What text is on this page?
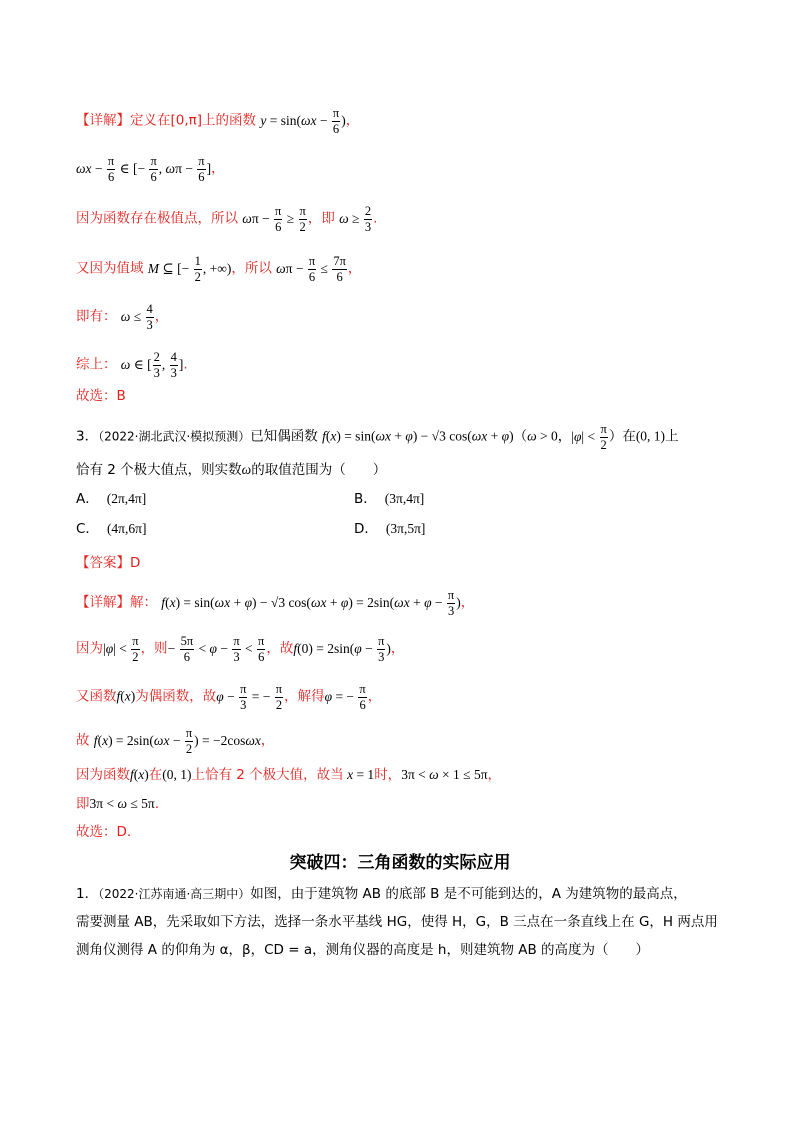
【详解】定义在[0,π]上的函数 $y = \sin(\omega x - \frac{\pi}{6}$ )，
$\omega x - \frac{\pi}{6}$ ∈ [− $\frac{\pi}{6}$ , $\omega\pi - \frac{\pi}{6}$ ]，
因为函数存在极值点，所以 $\omega\pi - \frac{\pi}{6} \ge \frac{\pi}{2}$ ，即 $\omega \ge \frac{2}{3}$ .
又因为值域 M ⊆ [− $\frac{1}{2}$ , +∞)，所以 $\omega\pi - \frac{\pi}{6} \le \frac{7\pi}{6}$ ，
即有： $\omega \le \frac{4}{3}$ ，
综上： ω ∈ [ $\frac{2}{3}$ , $\frac{4}{3}$ ].
故选：B
3．（2022·湖北武汉·模拟预测）已知偶函数 f(x) = sin(ωx + φ) − √3 cos(ωx + φ)（ω > 0，$|\varphi| < \frac{\pi}{2}$ ）在(0, 1)上
恰有 2 个极大值点，则实数ω的取值范围为（　　）
A． (2π,4π]	B． (3π,4π]
C． (4π,6π]	D． (3π,5π]
【答案】D
【详解】解： f(x) = sin(ωx + φ) − √3 $\cos(\omega x + \varphi) = 2\sin(\omega x + \varphi - \frac{\pi}{3}$ )，
因为$|\varphi| < \frac{\pi}{2}$ ，则− $\frac{5\pi}{6} < \varphi - \frac{\pi}{3} < \frac{\pi}{6}$ ，故$f(0) = 2\sin(\varphi - \frac{\pi}{3}$ )，
又函数f(x)为偶函数，故$\varphi - \frac{\pi}{3}$ = − $\frac{\pi}{2}$ ，解得φ = − $\frac{\pi}{6}$ ，
故 $f(x) = 2\sin(\omega x - \frac{\pi}{2}$ ) = −2cosωx，
因为函数f(x)在(0, 1)上恰有 2 个极大值，故当 x = 1时，3π < ω × 1 ≤ 5π，
即3π < ω ≤ 5π.
故选：D.
突破四：三角函数的实际应用
1．（2022·江苏南通·高三期中）如图，由于建筑物 AB 的底部 B 是不可能到达的，A 为建筑物的最高点，
需要测量 AB，先采取如下方法，选择一条水平基线 HG，使得 H，G，B 三点在一条直线上在 G，H 两点用
测角仪测得 A 的仰角为 α，β，CD = a，测角仪器的高度是 h，则建筑物 AB 的高度为（　　）
